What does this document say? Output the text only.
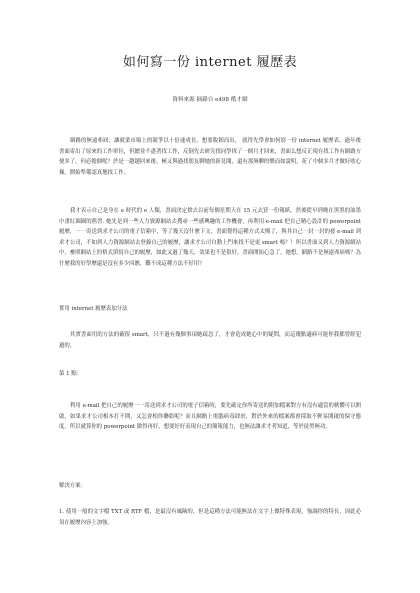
如何寫一份 internet 履歷表
資料來源 摘錄自 e498 酷才網

網路的無遠弗屆，讓就業市場上的競爭以十倍速成長，想要脫穎而出， 就得先學會如何寫一份 internet 履歷表。過年後書面寄出了原來的工作單位，但總並不盡著找工作，反倒先去研究找同學探了一個月才回來，書面么想反正現在找工作有網路方便多了，何必擔個呢？於是一趟趟回來後，極又與過找朋友聊她的新見聞，還有那無聊的樂而如說明，花了中個多月才做好收心操，開始準備認真地找工作。

我才表示自己是身在 e 時代的 e 人類，書面決定捨去以前每個星期天在 15 元去買一份報紙，然後從早到晚在黑黑的油墨中畫紅圈圈的舊習. 她先是到一些人力資源網站去搜尋一些感興趣的工作機會，再利用 e-mail 把自己精心設計的 powerpoint 履歷，一一寄送到求才公司的電子信箱中，等了幾天沒什麼下文，書面覺得這種方式太慢了，與其自己一封一封的發 e-mail 到求才公司，不如到人力資源網站去登錄自己的履歷，讓求才公司自動上門來找不是更 smart 嗎？！所以書面又到人力資源網站中，參照網站上的格式填寫自己的履歷，如此又過了幾天，效果也不是很好，書面開始心急了，她想，網路不是無遠弗屆嗎？為什麼我的好學歷還是沒有多少回應，難不成這種方法不好用？

實用 internet 履歷表加分法

其實書面用的方法的確很 smart，只不過有幾個事項她疏忽了，才會造成她心中的疑問，而這幾點適病可能你我都曾經犯過的。

第 1 點：

利用 e-mail 把自己的履歷一一寄送到求才公司的電子信箱時，要先確定你所寄送的附加檔案對方有沒有適當的軟體可以開啟，如果求才公司根本打不開，又怎會相你聯絡呢？而且網路上電腦病毒肆虐，對於外來的檔案都會採取不輕易開啟的保守態度，所以就算你的 powerpoint 做得再好，想要好好表現自己的簡報能力，也無法讓求才者知道，等於徒勞無功。

解決方案：

1. 使用一般的文字檔 TXT 或 RTF 檔，是最沒有風險的，但是這種方法可能無法在文字上做特殊表現，強調你的特長，因此必須在履歷內容上加強。
